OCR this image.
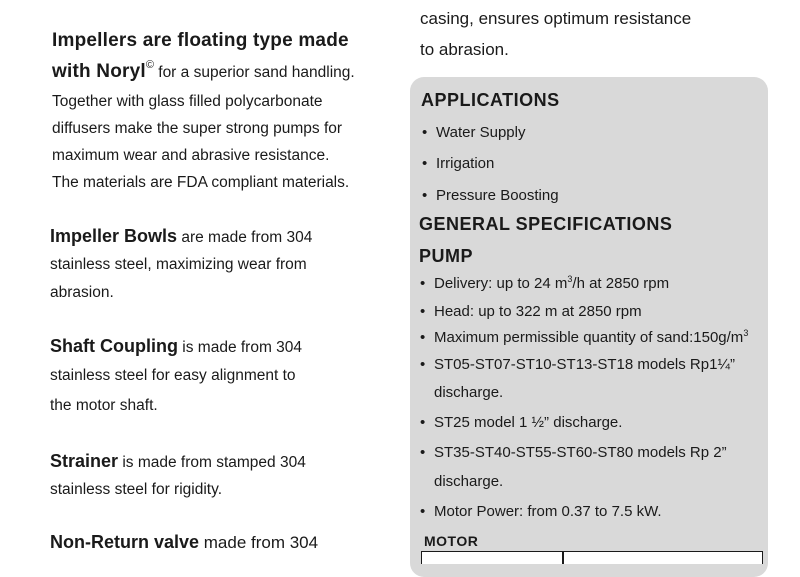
Impellers are floating type made
with Noryl© for a superior sand handling.
Together with glass filled polycarbonate
diffusers make the super strong pumps for
maximum wear and abrasive resistance.
The materials are FDA compliant materials.
Impeller Bowls are made from 304
stainless steel, maximizing wear from
abrasion.
Shaft Coupling is made from 304
stainless steel for easy alignment to
the motor shaft.
Strainer is made from stamped 304
stainless steel for rigidity.
Non-Return valve made from 304
casing, ensures optimum resistance
to abrasion.
APPLICATIONS
• Water Supply
• Irrigation
• Pressure Boosting
GENERAL SPECIFICATIONS
PUMP
• Delivery: up to 24 $m^3/h$ at 2850 rpm
• Head: up to 322 m at 2850 rpm
• Maximum permissible quantity of $sand:150g/m^3$
• ST05-ST07-ST10-ST13-ST18 models Rp1¼”
discharge.
• ST25 model 1 ½” discharge.
• ST35-ST40-ST55-ST60-ST80 models Rp 2”
discharge.
• Motor Power: from 0.37 to 7.5 kW.
MOTOR
